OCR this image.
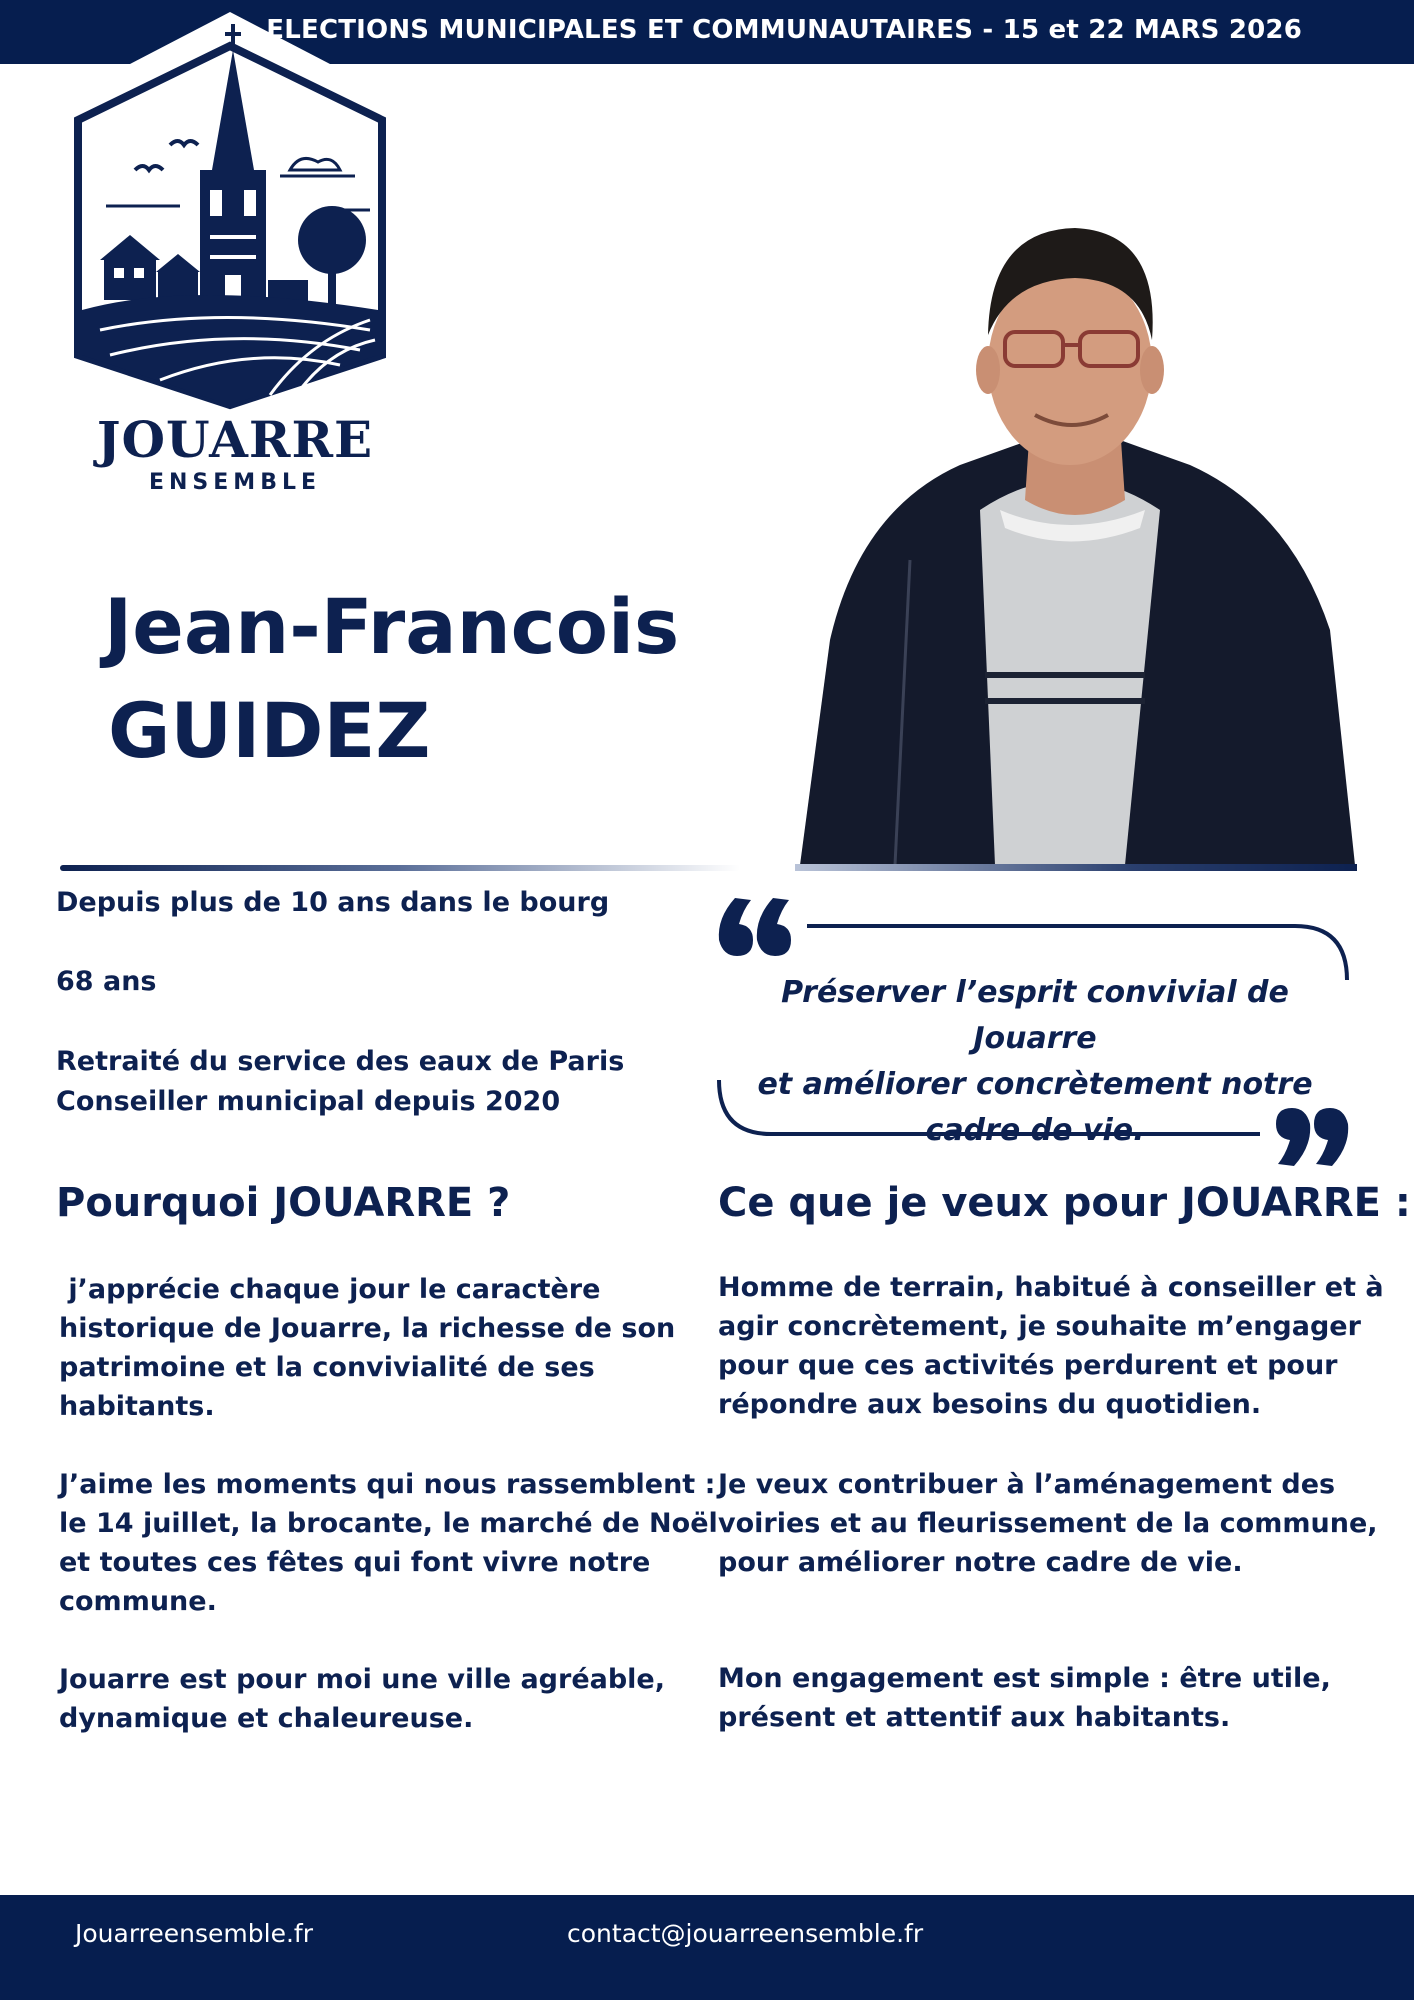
ELECTIONS MUNICIPALES ET COMMUNAUTAIRES - 15 et 22 MARS 2026
JOUARRE
ENSEMBLE
Jean-Francois
GUIDEZ
Depuis plus de 10 ans dans le bourg
68 ans
Retraité du service des eaux de Paris
Conseiller municipal depuis 2020
Préserver l’esprit convivial de Jouarre
et améliorer concrètement notre
cadre de vie.
Pourquoi JOUARRE ?
j’apprécie chaque jour le caractère
historique de Jouarre, la richesse de son
patrimoine et la convivialité de ses
habitants.
J’aime les moments qui nous rassemblent :
le 14 juillet, la brocante, le marché de Noël
et toutes ces fêtes qui font vivre notre
commune.
Jouarre est pour moi une ville agréable,
dynamique et chaleureuse.
Ce que je veux pour JOUARRE :
Homme de terrain, habitué à conseiller et à
agir concrètement, je souhaite m’engager
pour que ces activités perdurent et pour
répondre aux besoins du quotidien.
Je veux contribuer à l’aménagement des
voiries et au fleurissement de la commune,
pour améliorer notre cadre de vie.
Mon engagement est simple : être utile,
présent et attentif aux habitants.
Jouarreensemble.fr	contact@jouarreensemble.fr
